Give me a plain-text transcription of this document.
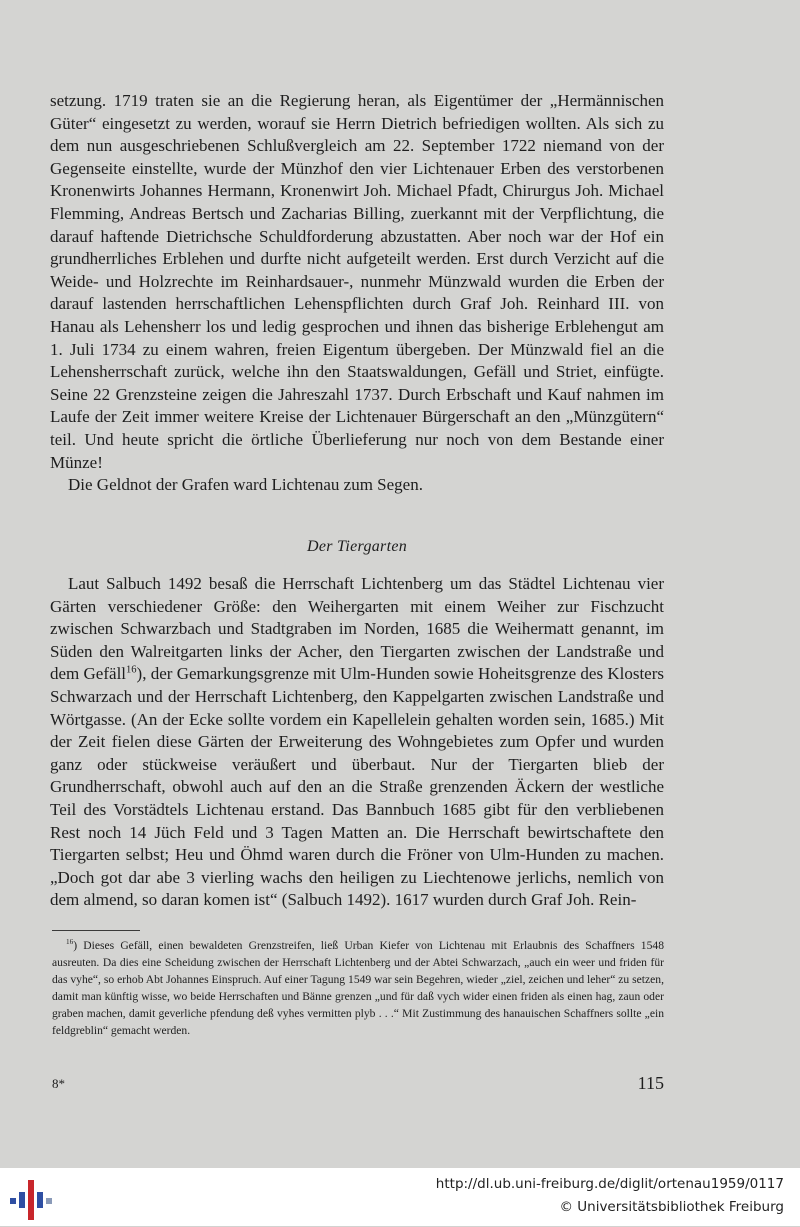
setzung. 1719 traten sie an die Regierung heran, als Eigentümer der „Hermännischen Güter“ eingesetzt zu werden, worauf sie Herrn Dietrich befriedigen wollten. Als sich zu dem nun ausgeschriebenen Schlußvergleich am 22. September 1722 niemand von der Gegenseite einstellte, wurde der Münzhof den vier Lichtenauer Erben des verstorbenen Kronenwirts Johannes Hermann, Kronenwirt Joh. Michael Pfadt, Chirurgus Joh. Michael Flemming, Andreas Bertsch und Zacharias Billing, zuerkannt mit der Verpflichtung, die darauf haftende Dietrichsche Schuldforderung abzustatten. Aber noch war der Hof ein grundherrliches Erblehen und durfte nicht aufgeteilt werden. Erst durch Verzicht auf die Weide- und Holzrechte im Reinhardsauer-, nunmehr Münzwald wurden die Erben der darauf lastenden herrschaftlichen Lehenspflichten durch Graf Joh. Reinhard III. von Hanau als Lehensherr los und ledig gesprochen und ihnen das bisherige Erblehengut am 1. Juli 1734 zu einem wahren, freien Eigentum übergeben. Der Münzwald fiel an die Lehensherrschaft zurück, welche ihn den Staatswaldungen, Gefäll und Striet, einfügte. Seine 22 Grenzsteine zeigen die Jahreszahl 1737. Durch Erbschaft und Kauf nahmen im Laufe der Zeit immer weitere Kreise der Lichtenauer Bürgerschaft an den „Münzgütern“ teil. Und heute spricht die örtliche Überlieferung nur noch von dem Bestande einer Münze!

Die Geldnot der Grafen ward Lichtenau zum Segen.

Der Tiergarten

Laut Salbuch 1492 besaß die Herrschaft Lichtenberg um das Städtel Lichtenau vier Gärten verschiedener Größe: den Weihergarten mit einem Weiher zur Fischzucht zwischen Schwarzbach und Stadtgraben im Norden, 1685 die Weihermatt genannt, im Süden den Walreitgarten links der Acher, den Tiergarten zwischen der Landstraße und dem Gefäll$^{16}$), der Gemarkungsgrenze mit Ulm-Hunden sowie Hoheitsgrenze des Klosters Schwarzach und der Herrschaft Lichtenberg, den Kappelgarten zwischen Landstraße und Wörtgasse. (An der Ecke sollte vordem ein Kapellelein gehalten worden sein, 1685.) Mit der Zeit fielen diese Gärten der Erweiterung des Wohngebietes zum Opfer und wurden ganz oder stückweise veräußert und überbaut. Nur der Tiergarten blieb der Grundherrschaft, obwohl auch auf den an die Straße grenzenden Äckern der westliche Teil des Vorstädtels Lichtenau erstand. Das Bannbuch 1685 gibt für den verbliebenen Rest noch 14 Jüch Feld und 3 Tagen Matten an. Die Herrschaft bewirtschaftete den Tiergarten selbst; Heu und Öhmd waren durch die Fröner von Ulm-Hunden zu machen. „Doch got dar abe 3 vierling wachs den heiligen zu Liechtenowe jerlichs, nemlich von dem almend, so daran komen ist“ (Salbuch 1492). 1617 wurden durch Graf Joh. Rein-

$^{16}$) Dieses Gefäll, einen bewaldeten Grenzstreifen, ließ Urban Kiefer von Lichtenau mit Erlaubnis des Schaffners 1548 ausreuten. Da dies eine Scheidung zwischen der Herrschaft Lichtenberg und der Abtei Schwarzach, „auch ein weer und friden für das vyhe“, so erhob Abt Johannes Einspruch. Auf einer Tagung 1549 war sein Begehren, wieder „ziel, zeichen und leher“ zu setzen, damit man künftig wisse, wo beide Herrschaften und Bänne grenzen „und für daß vych wider einen friden als einen hag, zaun oder graben machen, damit geverliche pfendung deß vyhes vermitten plyb . . .“ Mit Zustimmung des hanauischen Schaffners sollte „ein feldgreblin“ gemacht werden.

8*	115
http://dl.ub.uni-freiburg.de/diglit/ortenau1959/0117
© Universitätsbibliothek Freiburg
